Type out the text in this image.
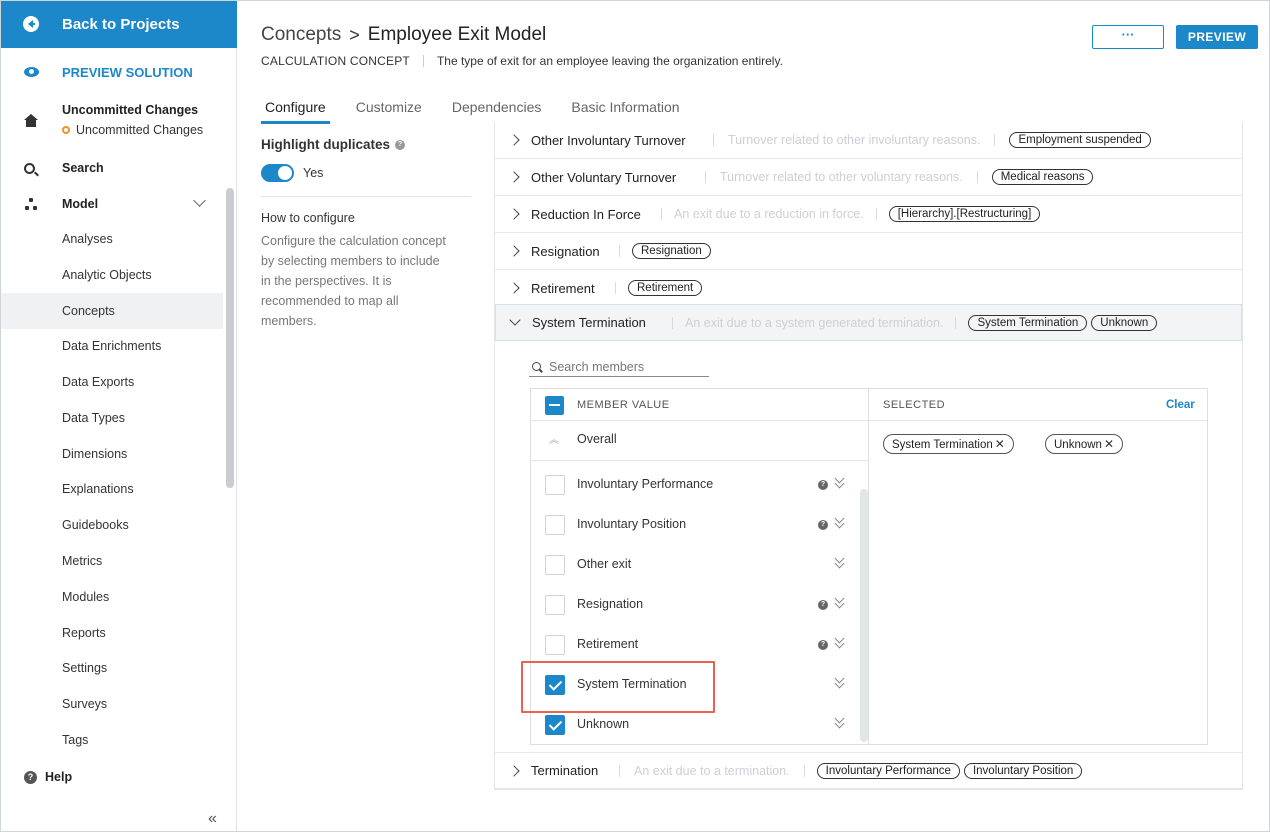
Back to Projects
PREVIEW SOLUTION
Uncommitted Changes
Uncommitted Changes
Search
Model
Analyses
Analytic Objects
Concepts
Data Enrichments
Data Exports
Data Types
Dimensions
Explanations
Guidebooks
Metrics
Modules
Reports
Settings
Surveys
Tags
? Help
«
Concepts > Employee Exit Model
CALCULATION CONCEPT The type of exit for an employee leaving the organization entirely.
···	PREVIEW
Configure Customize Dependencies Basic Information
Highlight duplicates	?
Yes
How to configure
Configure the calculation concept by selecting members to include in the perspectives. It is recommended to map all members.
Other Involuntary Turnover	Turnover related to other involuntary reasons.	Employment suspended
Other Voluntary Turnover	Turnover related to other voluntary reasons.	Medical reasons
Reduction In Force	An exit due to a reduction in force.	[Hierarchy].[Restructuring]
Resignation	Resignation
Retirement	Retirement
System Termination	An exit due to a system generated termination.	System Termination	Unknown
Search members
MEMBER VALUE
︽ Overall
Involuntary Performance	?
Involuntary Position	?
Other exit
Resignation	?
Retirement	?
System Termination
Unknown
SELECTED	Clear
System Termination ✕	Unknown ✕
Termination	An exit due to a termination.	Involuntary Performance	Involuntary Position
